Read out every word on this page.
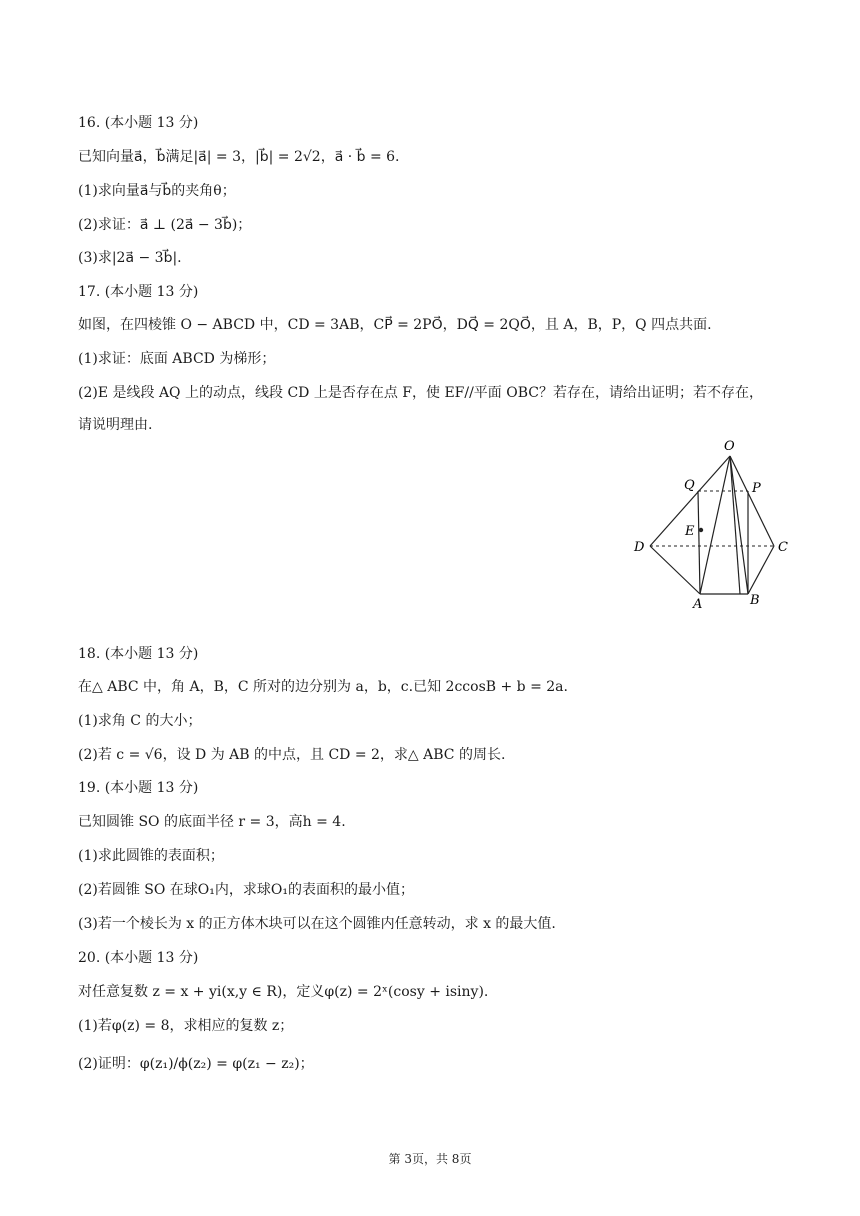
16. (本小题 13 分)
已知向量a⃗，b⃗满足|a⃗| = 3，|b⃗| = 2√2，a⃗ · b⃗ = 6.
(1)求向量a⃗与b⃗的夹角θ；
(2)求证：a⃗ ⊥ (2a⃗ − 3b⃗)；
(3)求|2a⃗ − 3b⃗|.
17. (本小题 13 分)
如图，在四棱锥 O − ABCD 中，CD = 3AB，CP⃗ = 2PO⃗，DQ⃗ = 2QO⃗，且 A，B，P，Q 四点共面.
(1)求证：底面 ABCD 为梯形；
(2)E 是线段 AQ 上的动点，线段 CD 上是否存在点 F，使 EF//平面 OBC？若存在，请给出证明；若不存在，
请说明理由.
O
P
Q
E
D	C
A	B
18. (本小题 13 分)
在△ ABC 中，角 A，B，C 所对的边分别为 a，b，c.已知 2ccosB + b = 2a.
(1)求角 C 的大小；
(2)若 c = √6，设 D 为 AB 的中点，且 CD = 2，求△ ABC 的周长.
19. (本小题 13 分)
已知圆锥 SO 的底面半径 r = 3，高h = 4.
(1)求此圆锥的表面积；
(2)若圆锥 SO 在球O₁内，求球O₁的表面积的最小值；
(3)若一个棱长为 x 的正方体木块可以在这个圆锥内任意转动，求 x 的最大值.
20. (本小题 13 分)
对任意复数 z = x + yi(x,y ∈ R)，定义φ(z) = 2ˣ(cosy + isiny).
(1)若φ(z) = 8，求相应的复数 z；
(2)证明：φ(z₁)/ϕ(z₂) = φ(z₁ − z₂)；
第 3页，共 8页
